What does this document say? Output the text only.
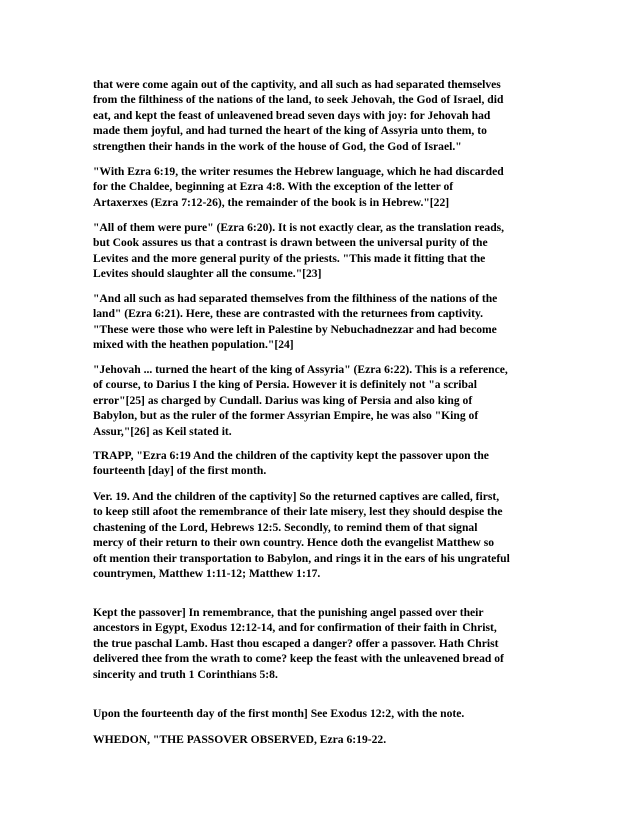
that were come again out of the captivity, and all such as had separated themselves
from the filthiness of the nations of the land, to seek Jehovah, the God of Israel, did
eat, and kept the feast of unleavened bread seven days with joy: for Jehovah had
made them joyful, and had turned the heart of the king of Assyria unto them, to
strengthen their hands in the work of the house of God, the God of Israel."

"With Ezra 6:19, the writer resumes the Hebrew language, which he had discarded
for the Chaldee, beginning at Ezra 4:8. With the exception of the letter of
Artaxerxes (Ezra 7:12-26), the remainder of the book is in Hebrew."[22]

"All of them were pure" (Ezra 6:20). It is not exactly clear, as the translation reads,
but Cook assures us that a contrast is drawn between the universal purity of the
Levites and the more general purity of the priests. "This made it fitting that the
Levites should slaughter all the consume."[23]

"And all such as had separated themselves from the filthiness of the nations of the
land" (Ezra 6:21). Here, these are contrasted with the returnees from captivity.
"These were those who were left in Palestine by Nebuchadnezzar and had become
mixed with the heathen population."[24]

"Jehovah ... turned the heart of the king of Assyria" (Ezra 6:22). This is a reference,
of course, to Darius I the king of Persia. However it is definitely not "a scribal
error"[25] as charged by Cundall. Darius was king of Persia and also king of
Babylon, but as the ruler of the former Assyrian Empire, he was also "King of
Assur,"[26] as Keil stated it.

TRAPP, "Ezra 6:19 And the children of the captivity kept the passover upon the
fourteenth [day] of the first month.

Ver. 19. And the children of the captivity] So the returned captives are called, first,
to keep still afoot the remembrance of their late misery, lest they should despise the
chastening of the Lord, Hebrews 12:5. Secondly, to remind them of that signal
mercy of their return to their own country. Hence doth the evangelist Matthew so
oft mention their transportation to Babylon, and rings it in the ears of his ungrateful
countrymen, Matthew 1:11-12; Matthew 1:17.

Kept the passover] In remembrance, that the punishing angel passed over their
ancestors in Egypt, Exodus 12:12-14, and for confirmation of their faith in Christ,
the true paschal Lamb. Hast thou escaped a danger? offer a passover. Hath Christ
delivered thee from the wrath to come? keep the feast with the unleavened bread of
sincerity and truth 1 Corinthians 5:8.

Upon the fourteenth day of the first month] See Exodus 12:2, with the note.

WHEDON, "THE PASSOVER OBSERVED, Ezra 6:19-22.
